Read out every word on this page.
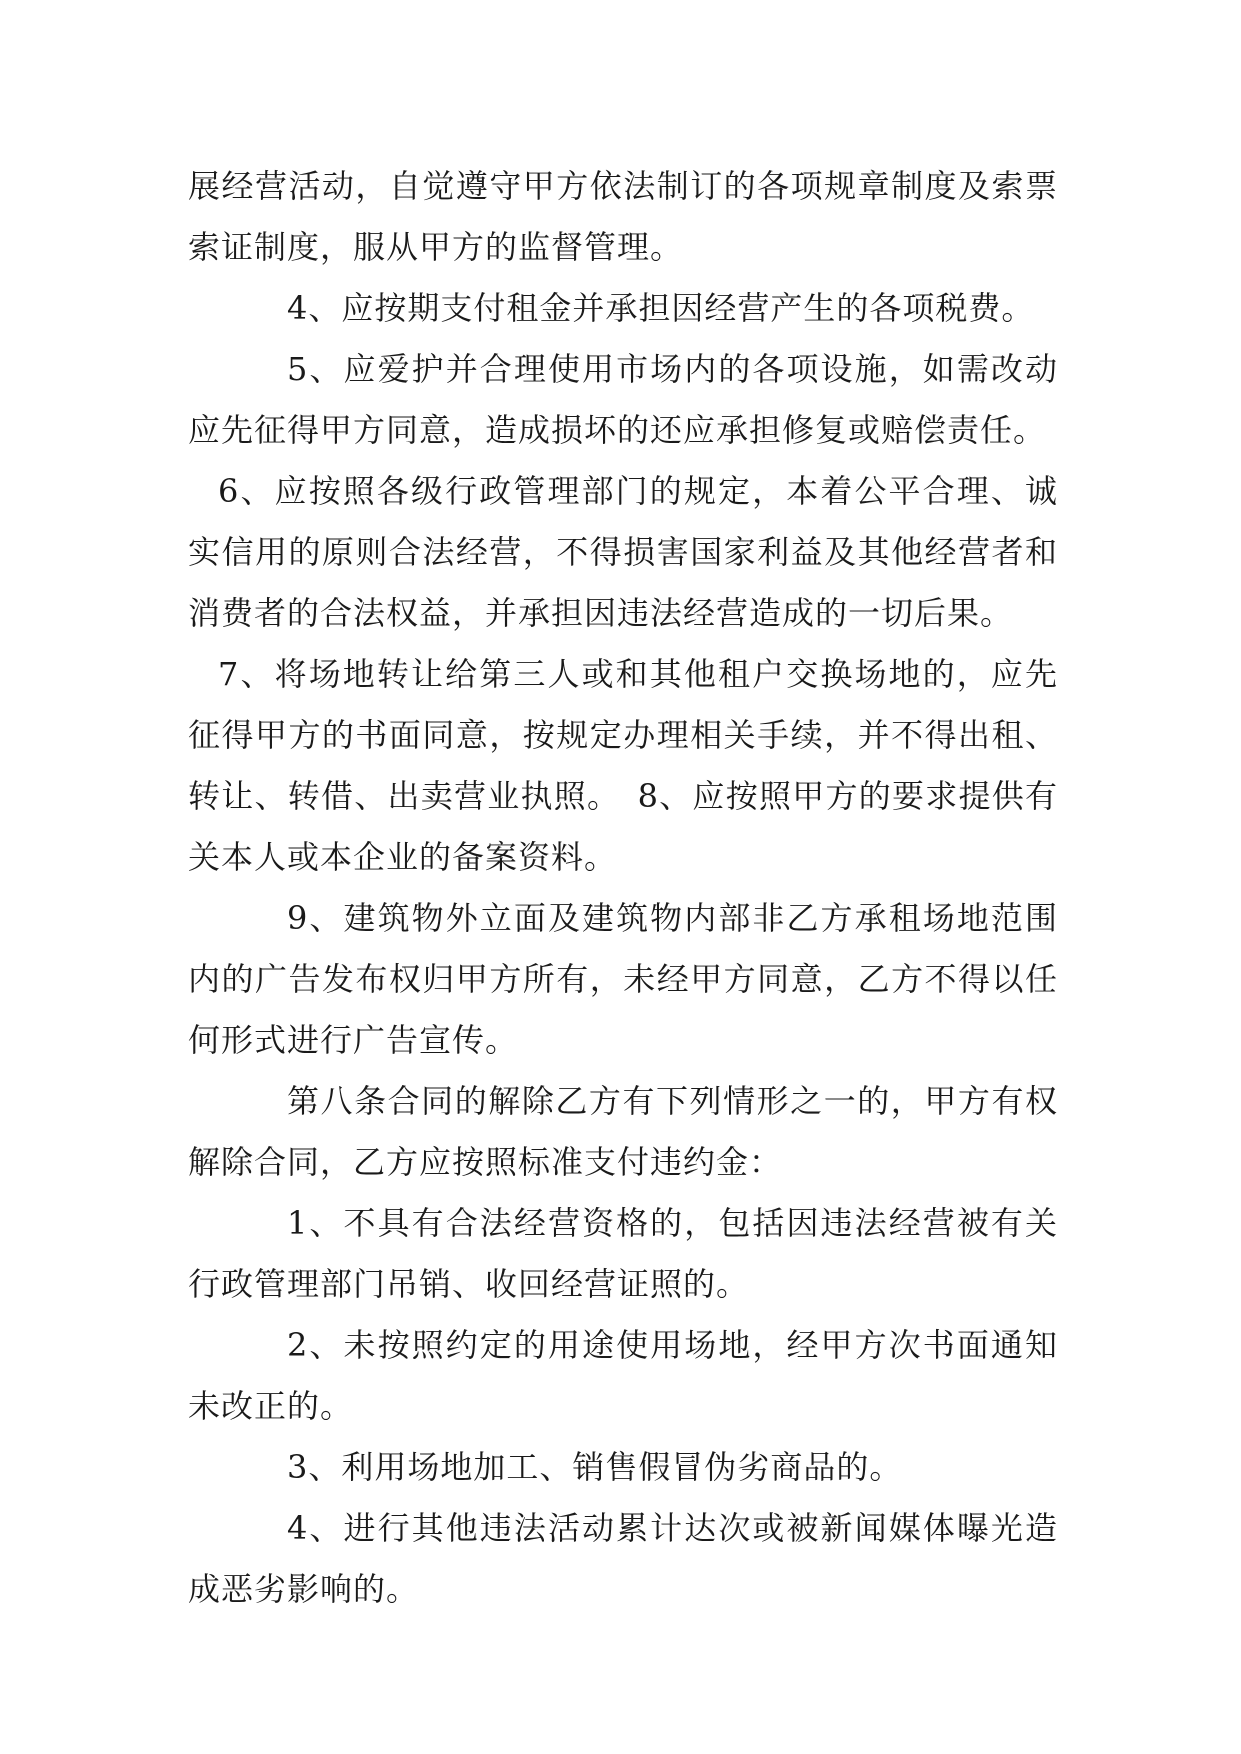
展经营活动，自觉遵守甲方依法制订的各项规章制度及索票索证制度，服从甲方的监督管理。

4、应按期支付租金并承担因经营产生的各项税费。

5、应爱护并合理使用市场内的各项设施，如需改动应先征得甲方同意，造成损坏的还应承担修复或赔偿责任。

6、应按照各级行政管理部门的规定，本着公平合理、诚实信用的原则合法经营，不得损害国家利益及其他经营者和消费者的合法权益，并承担因违法经营造成的一切后果。

7、将场地转让给第三人或和其他租户交换场地的，应先征得甲方的书面同意，按规定办理相关手续，并不得出租、转让、转借、出卖营业执照。　8、应按照甲方的要求提供有关本人或本企业的备案资料。

9、建筑物外立面及建筑物内部非乙方承租场地范围内的广告发布权归甲方所有，未经甲方同意，乙方不得以任何形式进行广告宣传。

第八条合同的解除乙方有下列情形之一的，甲方有权解除合同，乙方应按照标准支付违约金：

1、不具有合法经营资格的，包括因违法经营被有关行政管理部门吊销、收回经营证照的。

2、未按照约定的用途使用场地，经甲方次书面通知未改正的。

3、利用场地加工、销售假冒伪劣商品的。

4、进行其他违法活动累计达次或被新闻媒体曝光造成恶劣影响的。
